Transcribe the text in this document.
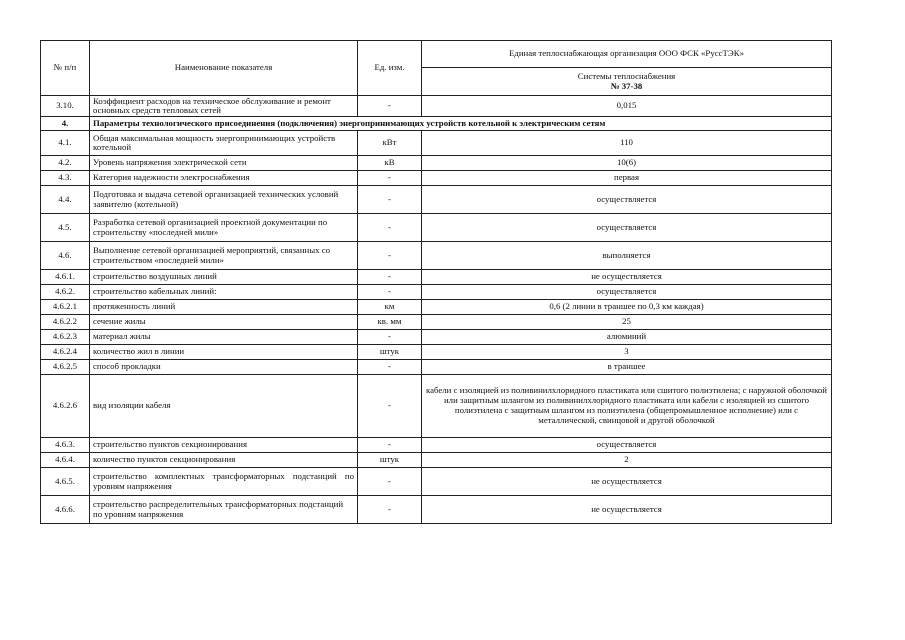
№ п/п	Наименование показателя	Ед. изм.	Единая теплоснабжающая организация ООО ФСК «РуссТЭК»

			Системы теплоснабжения
№ 37-38

3.10.	Коэффициент расходов на техническое обслуживание и ремонт основных средств тепловых сетей	-	0,015
4.	Параметры технологического присоединения (подключения) энергопринимающих устройств котельной к электрическим сетям		
4.1.	Общая максимальная мощность энергопринимающих устройств котельной	кВт	110
4.2.	Уровень напряжения электрической сети	кВ	10(6)
4.3.	Категория надежности электроснабжения	-	первая
4.4.	Подготовка и выдача сетевой организацией технических условий заявителю (котельной)	-	осуществляется
4.5.	Разработка сетевой организацией проектной документации по строительству «последней мили»	-	осуществляется
4.6.	Выполнение сетевой организацией мероприятий, связанных со строительством «последней мили»	-	выполняется
4.6.1.	строительство воздушных линий	-	не осуществляется
4.6.2.	строительство кабельных линий:	-	осуществляется
4.6.2.1	протяженность линий	км	0,6 (2 линии в траншее по 0,3 км каждая)
4.6.2.2	сечение жилы	кв. мм	25
4.6.2.3	материал жилы	-	алюминий
4.6.2.4	количество жил в линии	штук	3
4.6.2.5	способ прокладки	-	в траншее
4.6.2.6	вид изоляции кабеля	-	кабели с изоляцией из поливинилхлоридного пластиката или сшитого полиэтилена; с наружной оболочкой или защитным шлангом из поливинилхлоридного пластиката или кабели с изоляцией из сшитого полиэтилена с защитным шлангом из полиэтилена (общепромышленное исполнение) или с металлической, свинцовой и другой оболочкой
4.6.3.	строительство пунктов секционирования	-	осуществляется
4.6.4.	количество пунктов секционирования	штук	2
4.6.5.	строительство комплектных трансформаторных подстанций по уровням напряжения	-	не осуществляется
4.6.6.	строительство распределительных трансформаторных подстанций по уровням напряжения	-	не осуществляется
